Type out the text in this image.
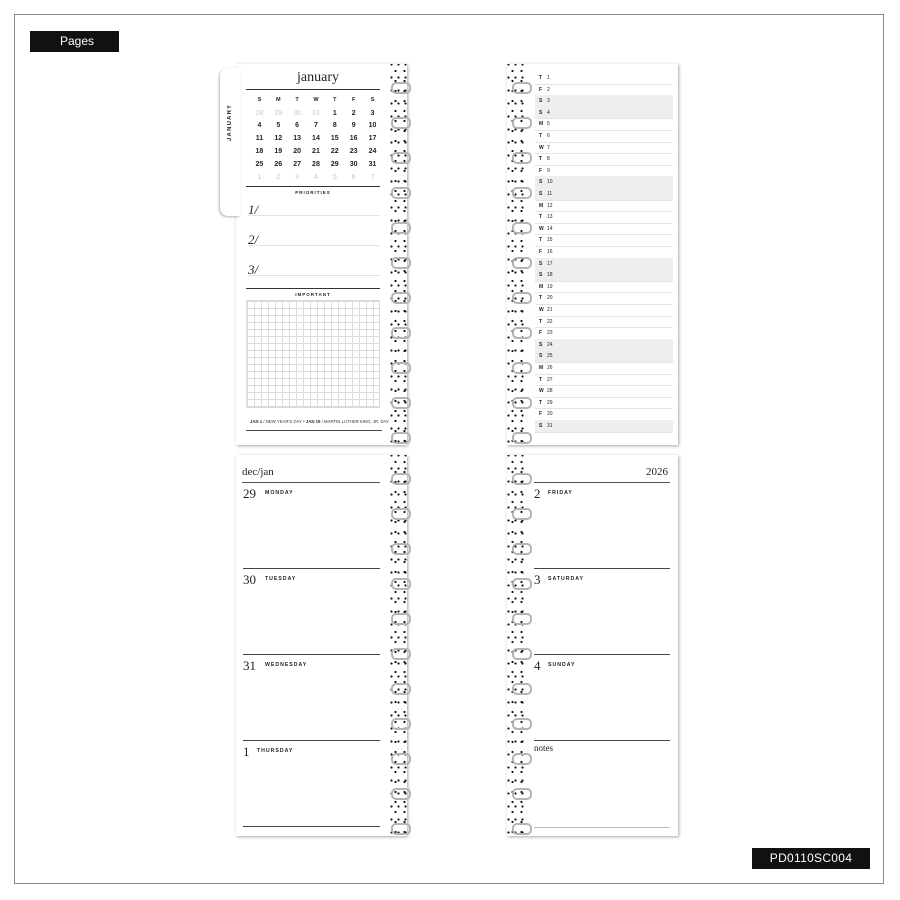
Pages
PD0110SC004
JANUARY
january
S	M	T	W	T	F	S
28	29	30	31	1	2	3
4	5	6	7	8	9	10
11	12	13	14	15	16	17
18	19	20	21	22	23	24
25	26	27	28	29	30	31
1	2	3	4	5	6	7
PRIORITIES
1/
2/
3/
IMPORTANT
JAN 1 / NEW YEAR'S DAY • JAN 19 / MARTIN LUTHER KING, JR. DAY
T 1
F 2
S 3
S 4
M 5
T 6
W 7
T 8
F 9
S 10
S 11
M 12
T 13
W 14
T 15
F 16
S 17
S 18
M 19
T 20
W 21
T 22
F 23
S 24
S 25
M 26
T 27
W 28
T 29
F 20
S 31
dec/jan
29 MONDAY
30 TUESDAY
31 WEDNESDAY
1 THURSDAY
2026
2 FRIDAY
3 SATURDAY
4 SUNDAY
notes
